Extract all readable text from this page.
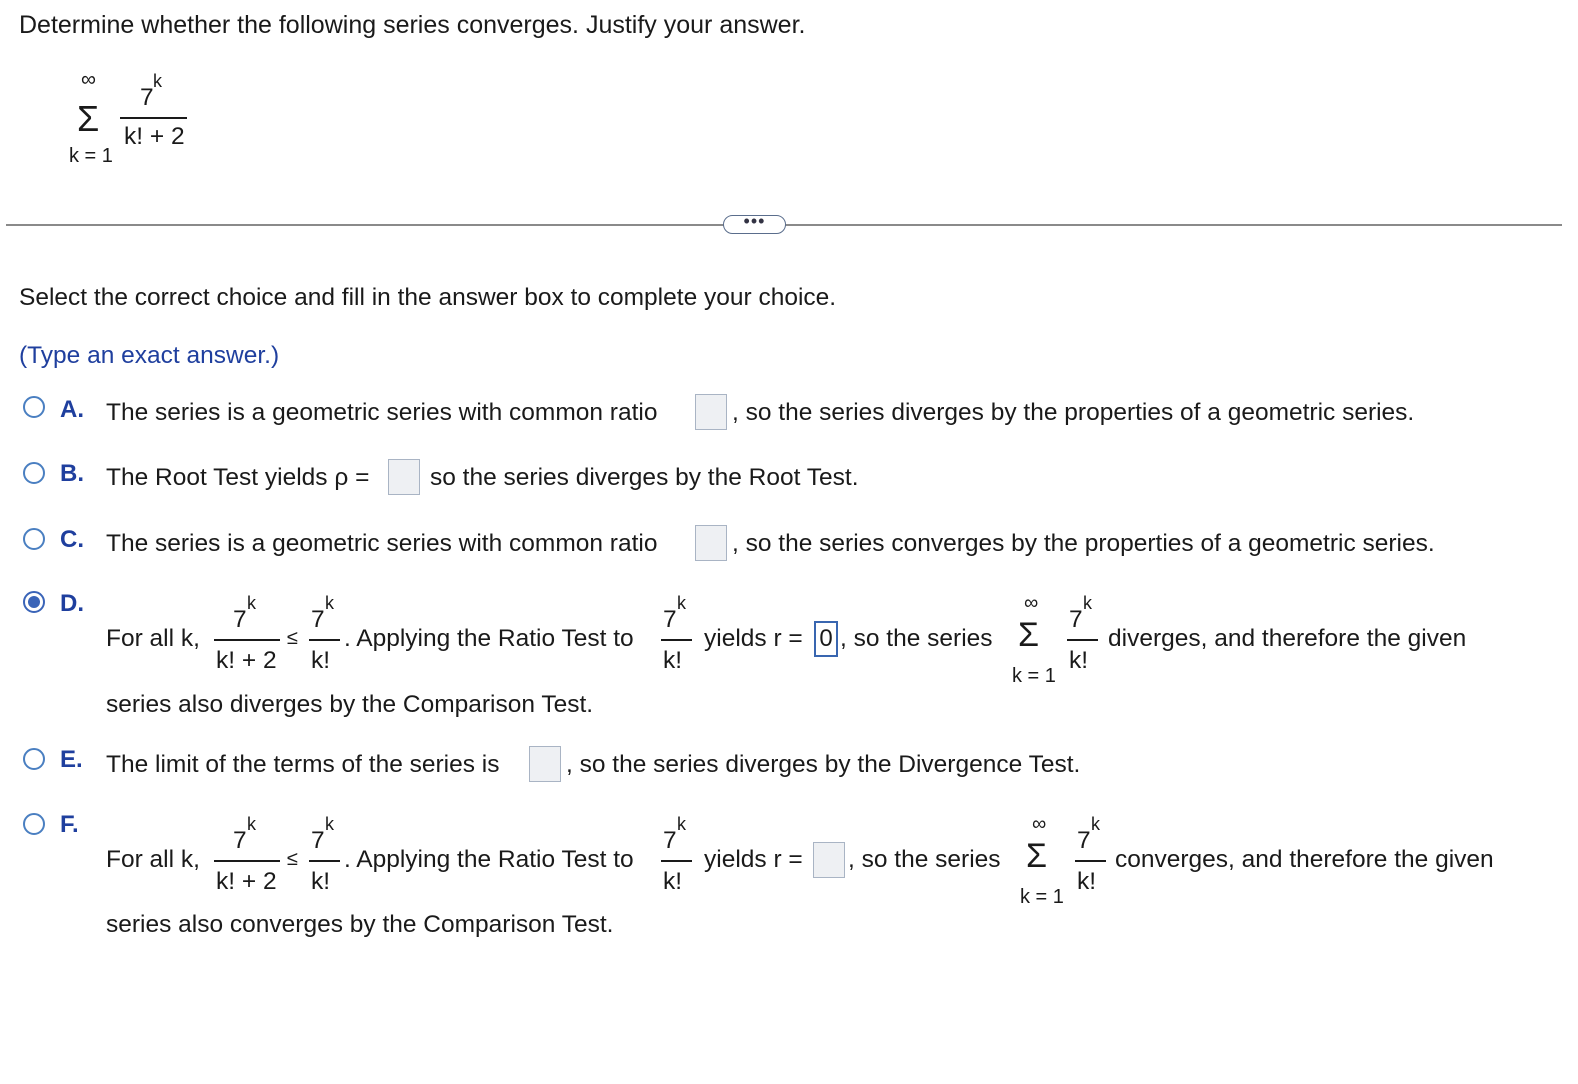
Determine whether the following series converges. Justify your answer.
∞
Σ
k = 1
7
k
k! + 2
•••
Select the correct choice and fill in the answer box to complete your choice.
(Type an exact answer.)
A. The series is a geometric series with common ratio	, so the series diverges by the properties of a geometric series.
B. The Root Test yields ρ = so the series diverges by the Root Test.
C. The series is a geometric series with common ratio	, so the series converges by the properties of a geometric series.
D.
For all k,
7
k
k! + 2
≤
7
k
k!
. Applying the Ratio Test to
7
k
k!
yields r = 0 , so the series
∞
Σ
k = 1
7
k
k!
diverges, and therefore the given
series also diverges by the Comparison Test.
E. The limit of the terms of the series is	, so the series diverges by the Divergence Test.
F.
For all k,
7
k
k! + 2
≤
7
k
k!
. Applying the Ratio Test to
7
k
k!
yields r = , so the series
∞
Σ
k = 1
7
k
k!
converges, and therefore the given
series also converges by the Comparison Test.
